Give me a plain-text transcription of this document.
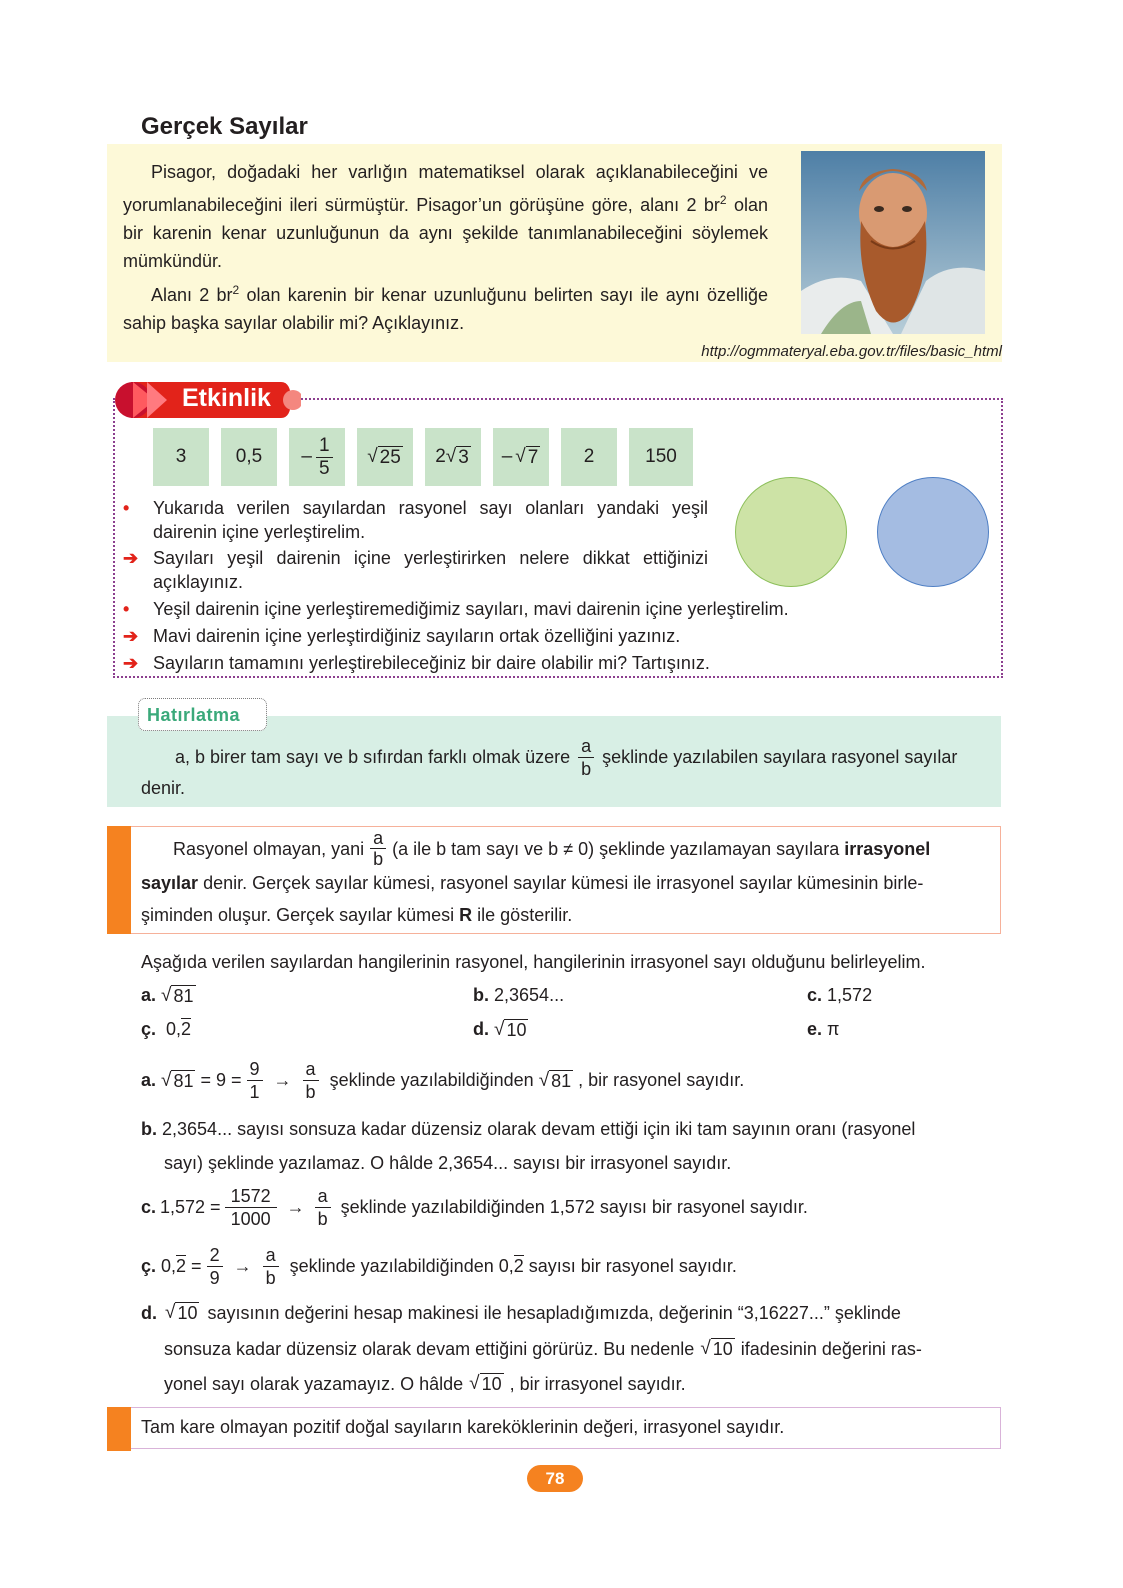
Gerçek Sayılar
Pisagor, doğadaki her varlığın matematiksel olarak açıklanabileceğini ve yorumlanabileceğini ileri sürmüştür. Pisagor’un görüşüne göre, alanı 2 $br^2$ olan bir karenin kenar uzunluğunun da aynı şekilde tanımlanabileceğini söylemek mümkündür.
Alanı 2 $br^2$ olan karenin bir kenar uzunluğunu belirten sayı ile aynı özelliğe sahip başka sayılar olabilir mi? Açıklayınız.
http://ogmmateryal.eba.gov.tr/files/basic_html
Etkinlik
3	$0,5 - \frac{1}{5}$ √ 25 2 √ 3 – √ 7 2	150
•	Yukarıda verilen sayılardan rasyonel sayı olanları yandaki yeşil dairenin içine yerleştirelim.
➔ Sayıları yeşil dairenin içine yerleştirirken nelere dikkat ettiğinizi açıklayınız.
•	Yeşil dairenin içine yerleştiremediğimiz sayıları, mavi dairenin içine yerleştirelim.
➔ Mavi dairenin içine yerleştirdiğiniz sayıların ortak özelliğini yazınız.
➔ Sayıların tamamını yerleştirebileceğiniz bir daire olabilir mi? Tartışınız.
Hatırlatma
a, b birer tam sayı ve b sıfırdan farklı olmak üzere $\frac{a}{b}$ şeklinde yazılabilen sayılara rasyonel sayılar
denir.
Rasyonel olmayan, yani $\frac{a}{b} (a$ ile b tam sayı ve b ≠ 0) şeklinde yazılamayan sayılara
irrasyonel
sayılar denir. Gerçek sayılar kümesi, rasyonel sayılar kümesi ile irrasyonel sayılar kümesinin birle-
şiminden oluşur. Gerçek sayılar kümesi R ile gösterilir.
Aşağıda verilen sayılardan hangilerinin rasyonel, hangilerinin irrasyonel sayı olduğunu belirleyelim.
a. √ 81	b. 2,3654...	c. 1,572
ç. 0,2	d. √ 10	e. π
a. √ $81 = 9 = \frac{9}{1} \to \frac{a}{b}$ şeklinde yazılabildiğinden √ 81 , bir rasyonel sayıdır.
b. 2,3654... sayısı sonsuza kadar düzensiz olarak devam ettiği için iki tam sayının oranı (rasyonel
sayı) şeklinde yazılamaz. O hâlde 2,3654... sayısı bir irrasyonel sayıdır.
c. $1,572 = \frac{1572}{1000} \to \frac{a}{b}$ şeklinde yazılabildiğinden 1,572 sayısı bir rasyonel sayıdır.
ç. $0,2 = \frac{2}{9} \to \frac{a}{b}$ şeklinde yazılabildiğinden 0,2 sayısı bir rasyonel sayıdır.
d. √ 10 sayısının değerini hesap makinesi ile hesapladığımızda, değerinin “3,16227...” şeklinde
sonsuza kadar düzensiz olarak devam ettiğini görürüz. Bu nedenle √ 10 ifadesinin değerini ras-
yonel sayı olarak yazamayız. O hâlde √ 10 , bir irrasyonel sayıdır.
Tam kare olmayan pozitif doğal sayıların kareköklerinin değeri, irrasyonel sayıdır.
78
